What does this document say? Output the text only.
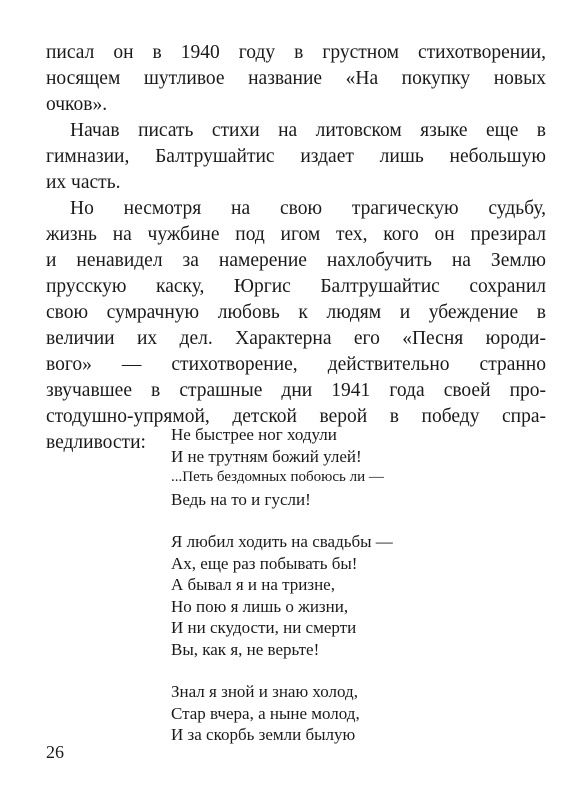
писал он в 1940 году в грустном стихотворении,
носящем шутливое название «На покупку новых
очков».
Начав писать стихи на литовском языке еще в
гимназии, Балтрушайтис издает лишь небольшую
их часть.
Но несмотря на свою трагическую судьбу,
жизнь на чужбине под игом тех, кого он презирал
и ненавидел за намерение нахлобучить на Землю
прусскую каску, Юргис Балтрушайтис сохранил
свою сумрачную любовь к людям и убеждение в
величии их дел. Характерна его «Песня юроди-
вого» — стихотворение, действительно странно
звучавшее в страшные дни 1941 года своей про-
стодушно-упрямой, детской верой в победу спра-
ведливости:	Не быстрее ног ходули
И не трутням божий улей!
...Петь бездомных побоюсь ли —
Ведь на то и гусли!
Я любил ходить на свадьбы —
Ах, еще раз побывать бы!
А бывал я и на тризне,
Но пою я лишь о жизни,
И ни скудости, ни смерти
Вы, как я, не верьте!
Знал я зной и знаю холод,
Стар вчера, а ныне молод,
И за скорбь земли былую
26
